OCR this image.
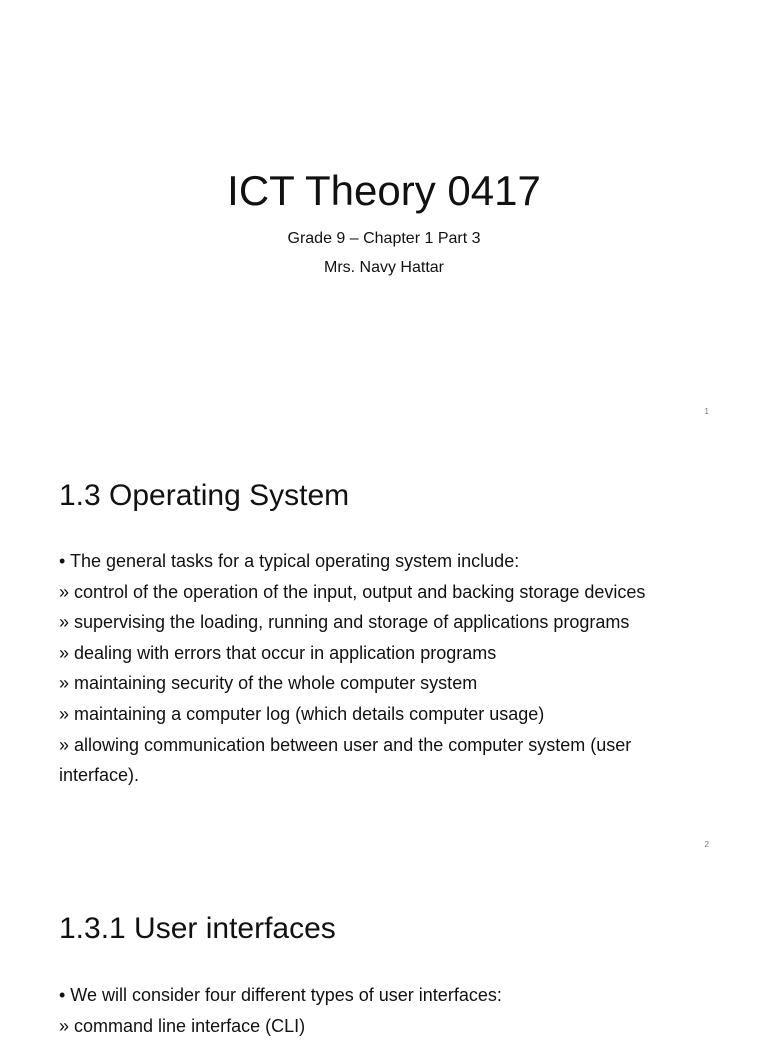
ICT Theory 0417

Grade 9 – Chapter 1 Part 3

Mrs. Navy Hattar

1
1.3 Operating System
• The general tasks for a typical operating system include:
» control of the operation of the input, output and backing storage devices
» supervising the loading, running and storage of applications programs
» dealing with errors that occur in application programs
» maintaining security of the whole computer system
» maintaining a computer log (which details computer usage)
» allowing communication between user and the computer system (user interface).
2
1.3.1 User interfaces
• We will consider four different types of user interfaces:
» command line interface (CLI)
